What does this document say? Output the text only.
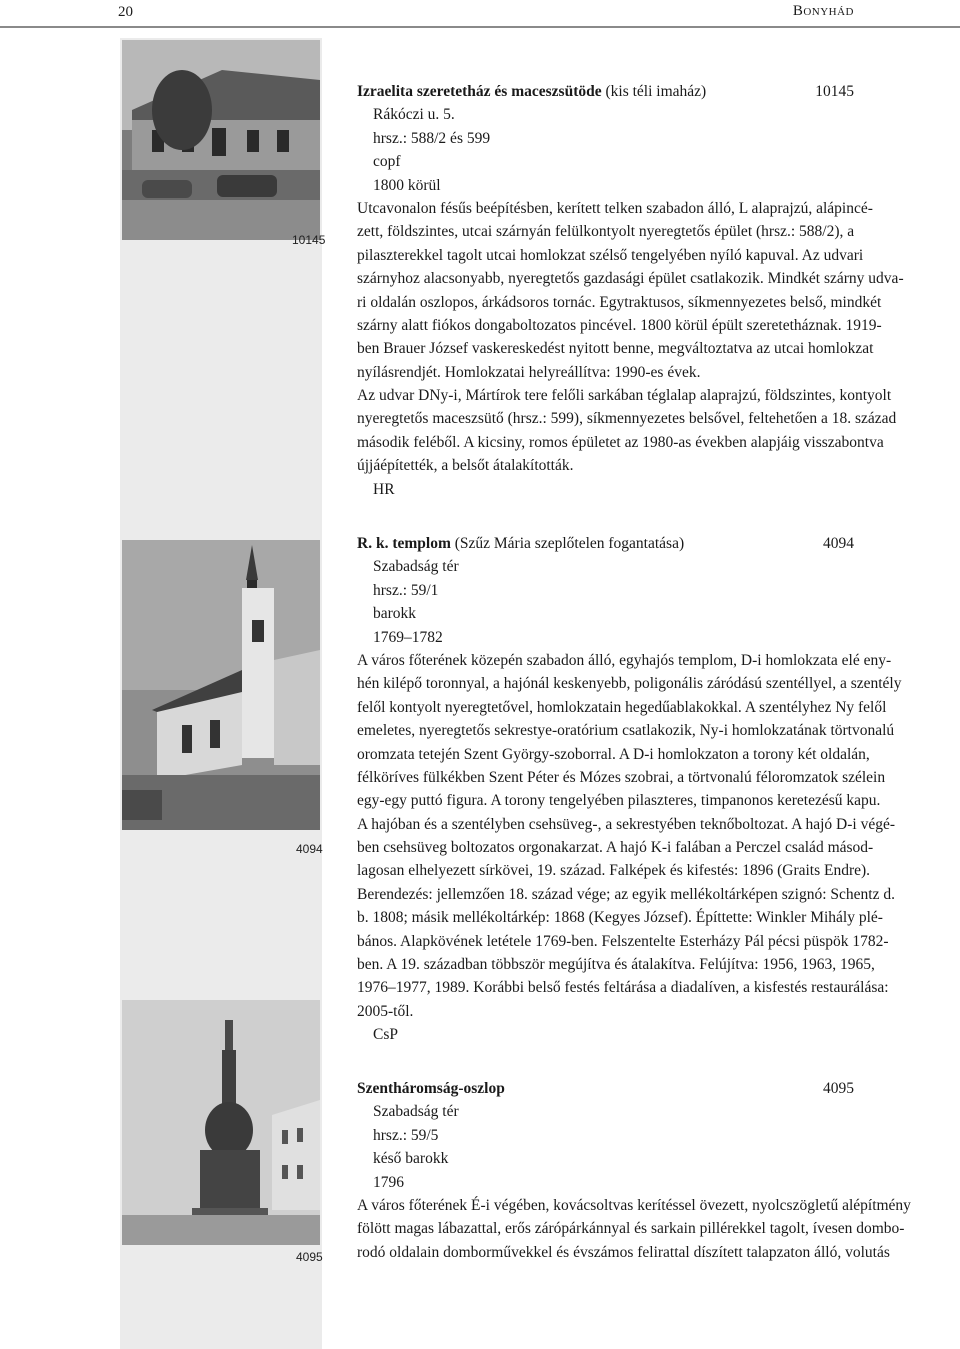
20	Bonyhád
10145
4094
4095
Izraelita szeretetház és maceszsütöde (kis téli imaház)	10145
Rákóczi u. 5.
hrsz.: 588/2 és 599
copf
1800 körül
Utcavonalon fésűs beépítésben, kerített telken szabadon álló, L alaprajzú, alápincé-
zett, földszintes, utcai szárnyán felülkontyolt nyeregtetős épület (hrsz.: 588/2), a
pilaszterekkel tagolt utcai homlokzat szélső tengelyében nyíló kapuval. Az udvari
szárnyhoz alacsonyabb, nyeregtetős gazdasági épület csatlakozik. Mindkét szárny udva-
ri oldalán oszlopos, árkádsoros tornác. Egytraktusos, síkmennyezetes belső, mindkét
szárny alatt fiókos dongaboltozatos pincével. 1800 körül épült szeretetháznak. 1919-
ben Brauer József vaskereskedést nyitott benne, megváltoztatva az utcai homlokzat
nyílásrendjét. Homlokzatai helyreállítva: 1990-es évek.
Az udvar DNy-i, Mártírok tere felőli sarkában téglalap alaprajzú, földszintes, kontyolt
nyeregtetős maceszsütő (hrsz.: 599), síkmennyezetes belsővel, feltehetően a 18. század
második feléből. A kicsiny, romos épületet az 1980-as években alapjáig visszabontva
újjáépítették, a belsőt átalakították.
HR
R. k. templom (Szűz Mária szeplőtelen fogantatása)	4094
Szabadság tér
hrsz.: 59/1
barokk
1769–1782
A város főterének közepén szabadon álló, egyhajós templom, D-i homlokzata elé eny-
hén kilépő toronnyal, a hajónál keskenyebb, poligonális záródású szentéllyel, a szentély
felől kontyolt nyeregtetővel, homlokzatain hegedűablakokkal. A szentélyhez Ny felől
emeletes, nyeregtetős sekrestye-oratórium csatlakozik, Ny-i homlokzatának törtvonalú
oromzata tetején Szent György-szoborral. A D-i homlokzaton a torony két oldalán,
félköríves fülkékben Szent Péter és Mózes szobrai, a törtvonalú féloromzatok szélein
egy-egy puttó figura. A torony tengelyében pilaszteres, timpanonos keretezésű kapu.
A hajóban és a szentélyben csehsüveg-, a sekrestyében teknőboltozat. A hajó D-i végé-
ben csehsüveg boltozatos orgonakarzat. A hajó K-i falában a Perczel család másod-
lagosan elhelyezett sírkövei, 19. század. Falképek és kifestés: 1896 (Graits Endre).
Berendezés: jellemzően 18. század vége; az egyik mellékoltárképen szignó: Schentz d.
b. 1808; másik mellékoltárkép: 1868 (Kegyes József). Építtette: Winkler Mihály plé-
bános. Alapkövének letétele 1769-ben. Felszentelte Esterházy Pál pécsi püspök 1782-
ben. A 19. században többször megújítva és átalakítva. Felújítva: 1956, 1963, 1965,
1976–1977, 1989. Korábbi belső festés feltárása a diadalíven, a kisfestés restaurálása:
2005-től.
CsP
Szentháromság-oszlop	4095
Szabadság tér
hrsz.: 59/5
késő barokk
1796
A város főterének É-i végében, kovácsoltvas kerítéssel övezett, nyolcszögletű alépítmény
fölött magas lábazattal, erős zárópárkánnyal és sarkain pillérekkel tagolt, ívesen dombo-
rodó oldalain domborművekkel és évszámos felirattal díszített talapzaton álló, volutás
